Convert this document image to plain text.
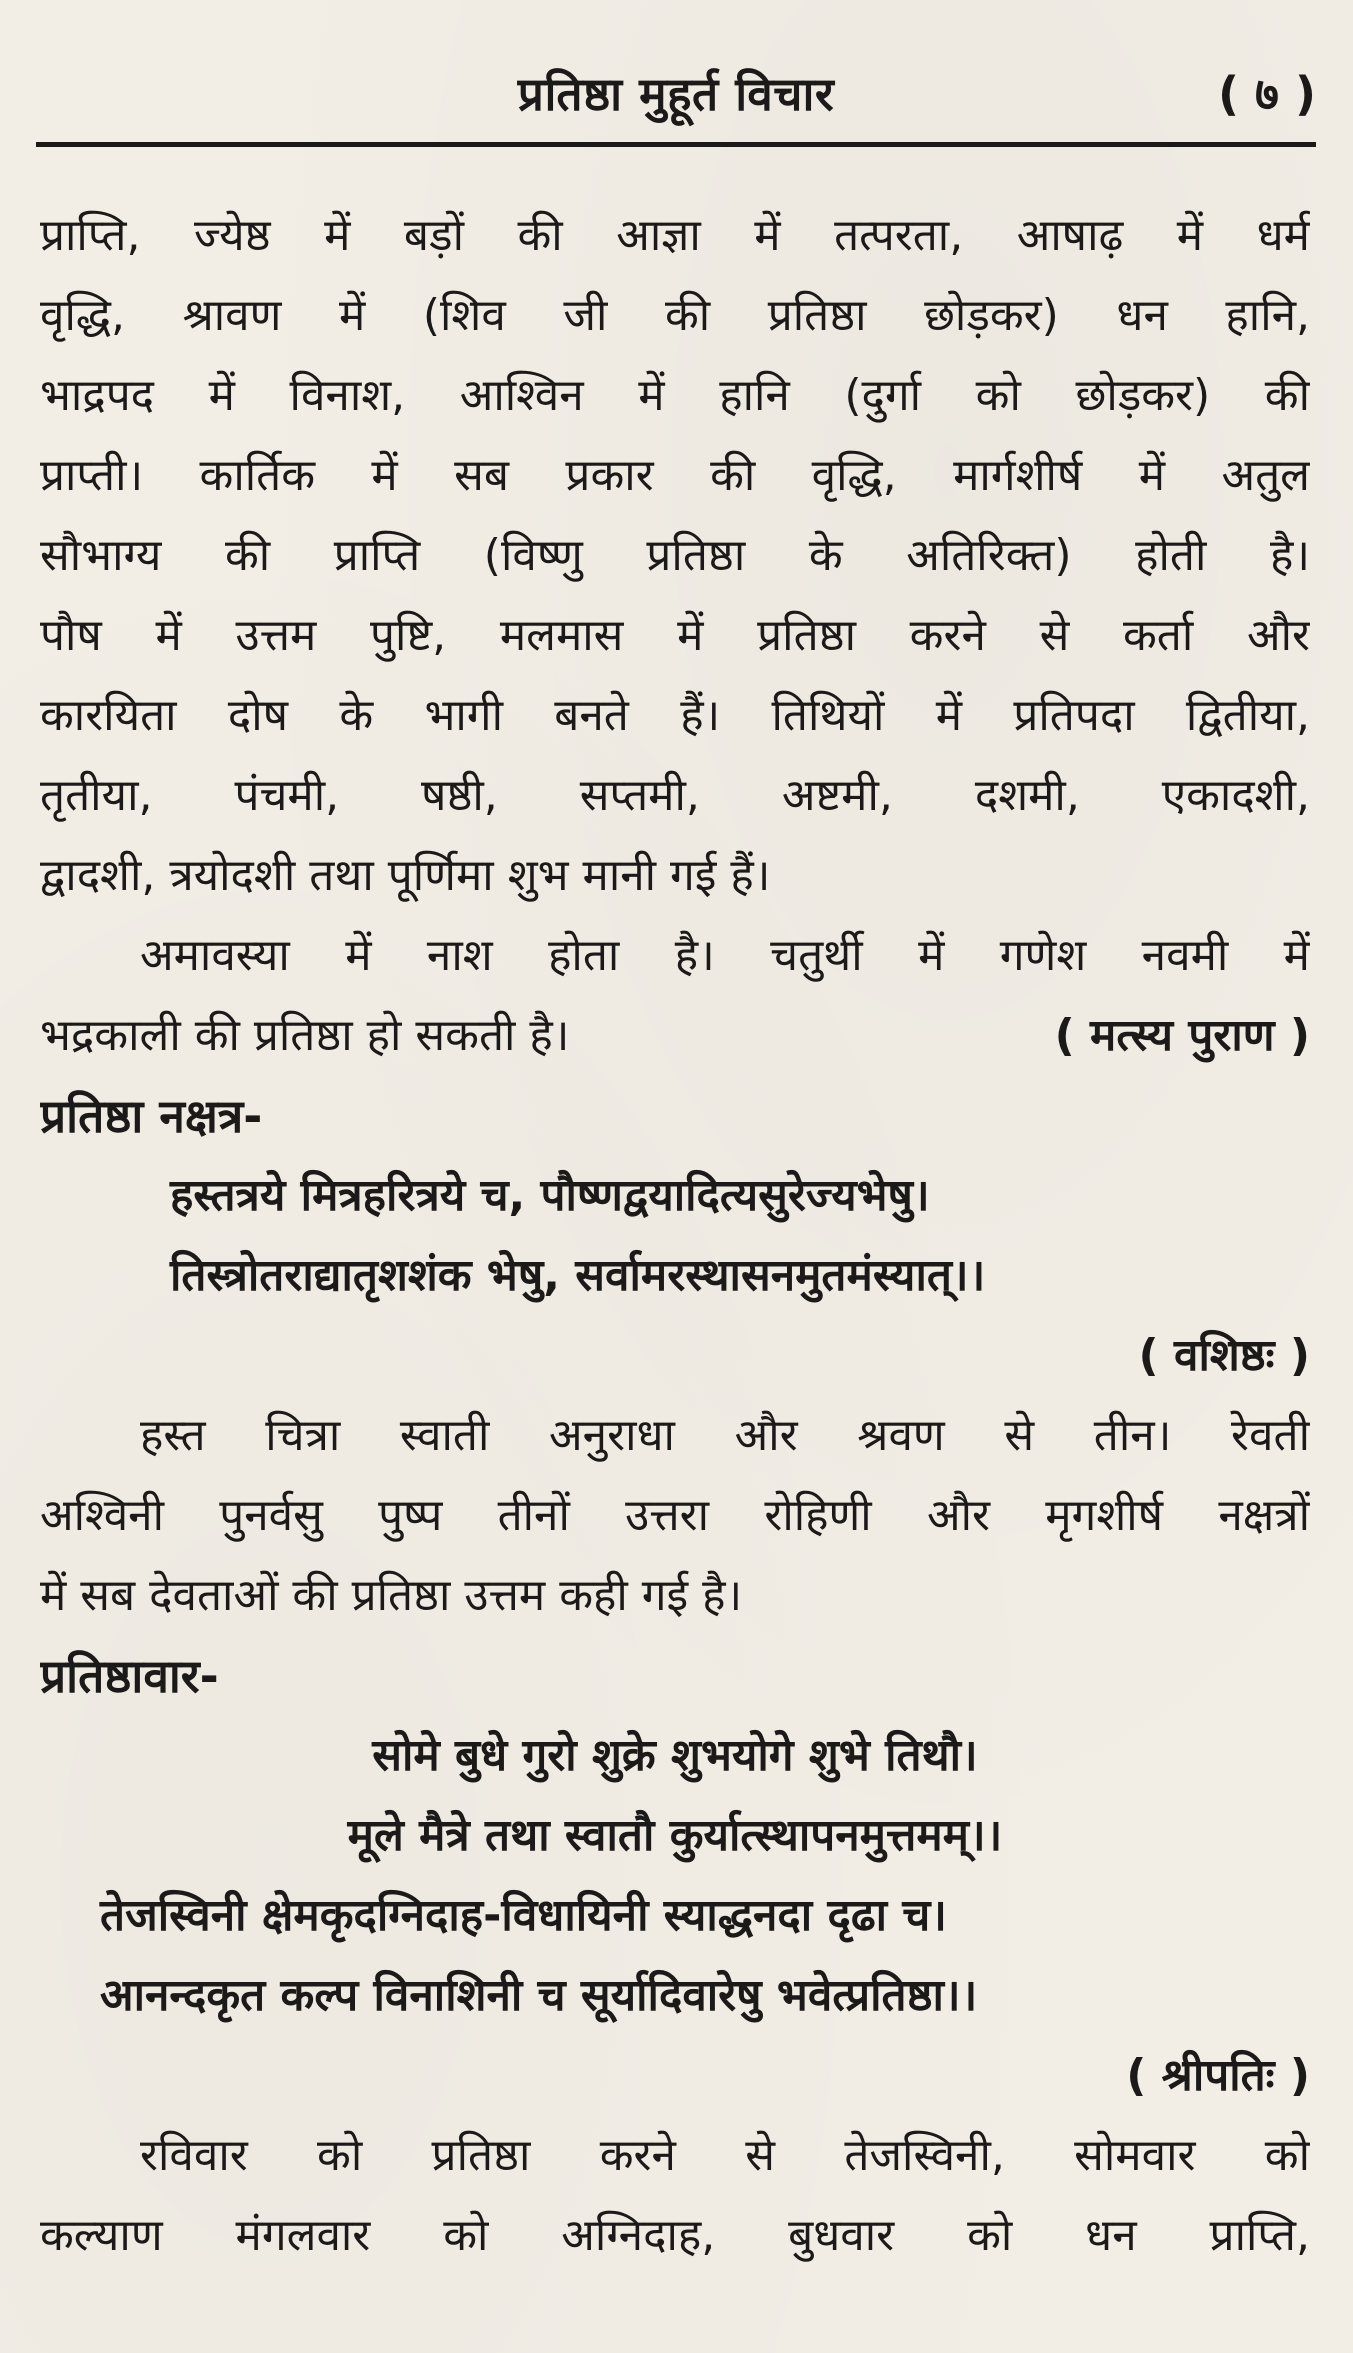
प्रतिष्ठा मुहूर्त विचार	( ७ )
प्राप्ति, ज्येष्ठ में बड़ों की आज्ञा में तत्परता, आषाढ़ में धर्म
वृद्धि, श्रावण में (शिव जी की प्रतिष्ठा छोड़कर) धन हानि,
भाद्रपद में विनाश, आश्विन में हानि (दुर्गा को छोड़कर) की
प्राप्ती। कार्तिक में सब प्रकार की वृद्धि, मार्गशीर्ष में अतुल
सौभाग्य की प्राप्ति (विष्णु प्रतिष्ठा के अतिरिक्त) होती है।
पौष में उत्तम पुष्टि, मलमास में प्रतिष्ठा करने से कर्ता और
कारयिता दोष के भागी बनते हैं। तिथियों में प्रतिपदा द्वितीया,
तृतीया, पंचमी, षष्ठी, सप्तमी, अष्टमी, दशमी, एकादशी,
द्वादशी, त्रयोदशी तथा पूर्णिमा शुभ मानी गई हैं।
अमावस्या में नाश होता है। चतुर्थी में गणेश नवमी में
भद्रकाली की प्रतिष्ठा हो सकती है।	( मत्स्य पुराण )
प्रतिष्ठा नक्षत्र-
हस्तत्रये मित्रहरित्रये च, पौष्णद्वयादित्यसुरेज्यभेषु।
तिस्त्रोतराद्यातृशशंक भेषु, सर्वामरस्थासनमुतमंस्यात्।।
( वशिष्ठः )
हस्त चित्रा स्वाती अनुराधा और श्रवण से तीन। रेवती
अश्विनी पुनर्वसु पुष्प तीनों उत्तरा रोहिणी और मृगशीर्ष नक्षत्रों
में सब देवताओं की प्रतिष्ठा उत्तम कही गई है।
प्रतिष्ठावार-
सोमे बुधे गुरो शुक्रे शुभयोगे शुभे तिथौ।
मूले मैत्रे तथा स्वातौ कुर्यात्स्थापनमुत्तमम्।।
तेजस्विनी क्षेमकृदग्निदाह-विधायिनी स्याद्धनदा दृढा च।
आनन्दकृत कल्प विनाशिनी च सूर्यादिवारेषु भवेत्प्रतिष्ठा।।
( श्रीपतिः )
रविवार को प्रतिष्ठा करने से तेजस्विनी, सोमवार को
कल्याण मंगलवार को अग्निदाह, बुधवार को धन प्राप्ति,
